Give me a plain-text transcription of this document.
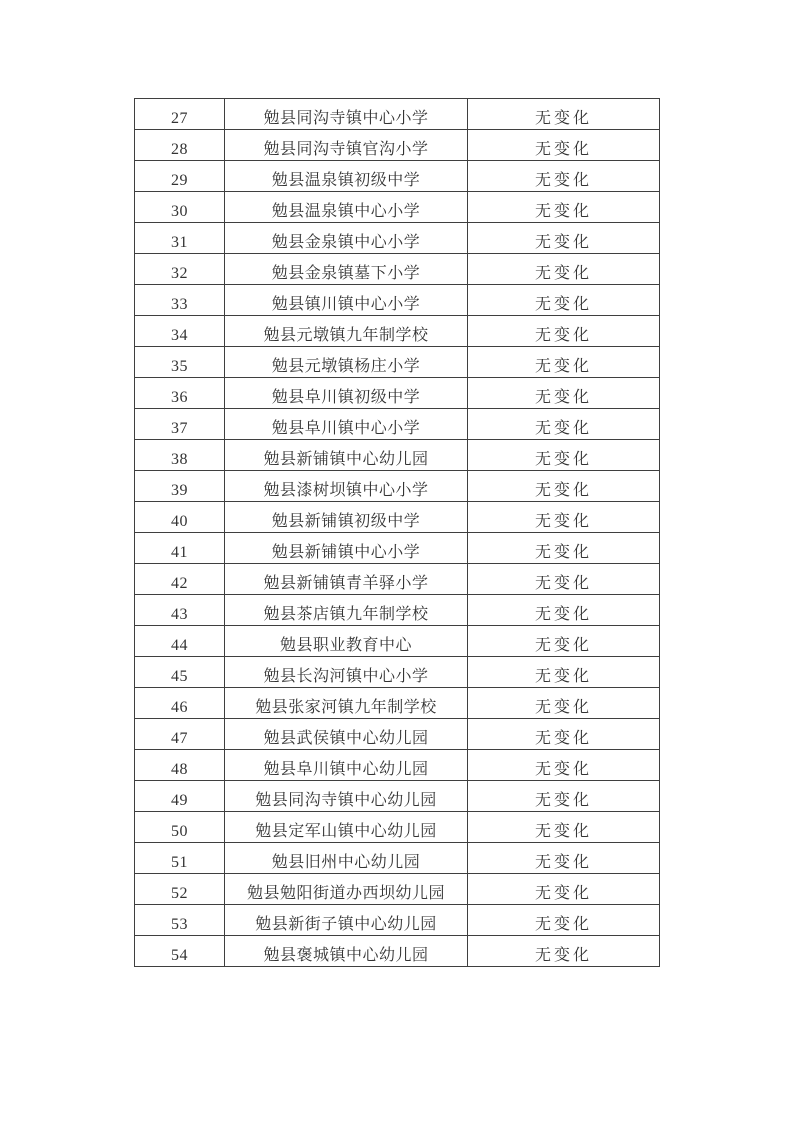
27	勉县同沟寺镇中心小学	无变化
28	勉县同沟寺镇官沟小学	无变化
29	勉县温泉镇初级中学	无变化
30	勉县温泉镇中心小学	无变化
31	勉县金泉镇中心小学	无变化
32	勉县金泉镇墓下小学	无变化
33	勉县镇川镇中心小学	无变化
34	勉县元墩镇九年制学校	无变化
35	勉县元墩镇杨庄小学	无变化
36	勉县阜川镇初级中学	无变化
37	勉县阜川镇中心小学	无变化
38	勉县新铺镇中心幼儿园	无变化
39	勉县漆树坝镇中心小学	无变化
40	勉县新铺镇初级中学	无变化
41	勉县新铺镇中心小学	无变化
42	勉县新铺镇青羊驿小学	无变化
43	勉县茶店镇九年制学校	无变化
44	勉县职业教育中心	无变化
45	勉县长沟河镇中心小学	无变化
46	勉县张家河镇九年制学校	无变化
47	勉县武侯镇中心幼儿园	无变化
48	勉县阜川镇中心幼儿园	无变化
49	勉县同沟寺镇中心幼儿园	无变化
50	勉县定军山镇中心幼儿园	无变化
51	勉县旧州中心幼儿园	无变化
52	勉县勉阳街道办西坝幼儿园	无变化
53	勉县新街子镇中心幼儿园	无变化
54	勉县褒城镇中心幼儿园	无变化
